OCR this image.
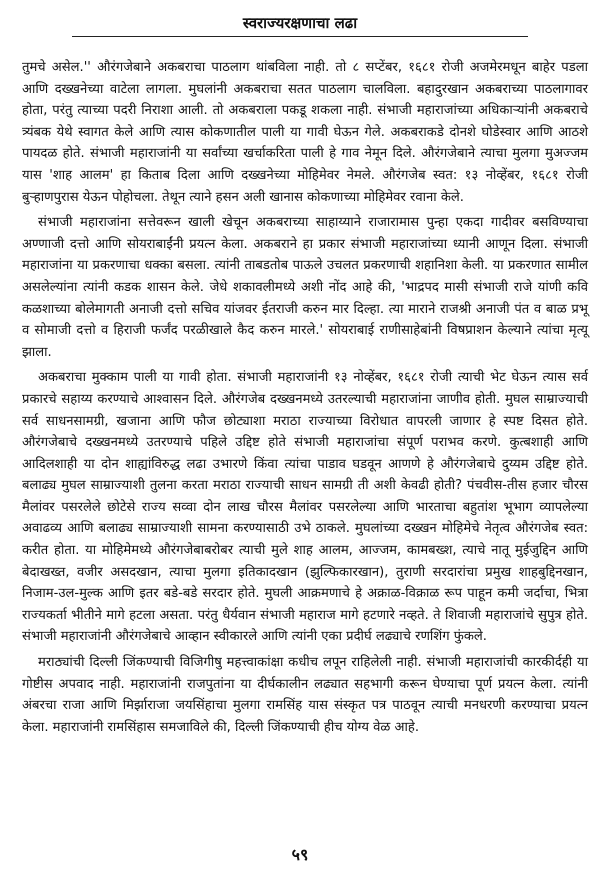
स्वराज्यरक्षणाचा लढा

तुमचे असेल.'' औरंगजेबाने अकबराचा पाठलाग थांबविला नाही. तो ८ सप्टेंबर, १६८१ रोजी अजमेरमधून बाहेर पडला आणि दख्खनेच्या वाटेला लागला. मुघलांनी अकबराचा सतत पाठलाग चालविला. बहादुरखान अकबराच्या पाठलागावर होता, परंतु त्याच्या पदरी निराशा आली. तो अकबराला पकडू शकला नाही. संभाजी महाराजांच्या अधिकाऱ्यांनी अकबराचे त्र्यंबक येथे स्वागत केले आणि त्यास कोकणातील पाली या गावी घेऊन गेले. अकबराकडे दोनशे घोडेस्वार आणि आठशे पायदळ होते. संभाजी महाराजांनी या सर्वांच्या खर्चाकरिता पाली हे गाव नेमून दिले. औरंगजेबाने त्याचा मुलगा मुअज्जम यास 'शाह आलम' हा किताब दिला आणि दख्खनेच्या मोहिमेवर नेमले. औरंगजेब स्वत: १३ नोव्हेंबर, १६८१ रोजी बुऱ्हाणपुरास येऊन पोहोचला. तेथून त्याने हसन अली खानास कोकणाच्या मोहिमेवर रवाना केले.

संभाजी महाराजांना सत्तेवरून खाली खेचून अकबराच्या साहाय्याने राजारामास पुन्हा एकदा गादीवर बसविण्याचा अण्णाजी दत्तो आणि सोयराबाईंनी प्रयत्न केला. अकबराने हा प्रकार संभाजी महाराजांच्या ध्यानी आणून दिला. संभाजी महाराजांना या प्रकरणाचा धक्का बसला. त्यांनी ताबडतोब पाऊले उचलत प्रकरणाची शहानिशा केली. या प्रकरणात सामील असलेल्यांना त्यांनी कडक शासन केले. जेधे शकावलीमध्ये अशी नोंद आहे की, 'भाद्रपद मासी संभाजी राजे यांणी कवि कळशाच्या बोलेमागती अनाजी दत्तो सचिव यांजवर ईतराजी करुन मार दिल्हा. त्या माराने राजश्री अनाजी पंत व बाळ प्रभू व सोमाजी दत्तो व हिराजी फर्जंद परळीखाले कैद करुन मारले.' सोयराबाई राणीसाहेबांनी विषप्राशन केल्याने त्यांचा मृत्यू झाला.

अकबराचा मुक्काम पाली या गावी होता. संभाजी महाराजांनी १३ नोव्हेंबर, १६८१ रोजी त्याची भेट घेऊन त्यास सर्व प्रकारचे सहाय्य करण्याचे आश्वासन दिले. औरंगजेब दख्खनमध्ये उतरल्याची महाराजांना जाणीव होती. मुघल साम्राज्याची सर्व साधनसामग्री, खजाना आणि फौज छोट्याशा मराठा राज्याच्या विरोधात वापरली जाणार हे स्पष्ट दिसत होते. औरंगजेबाचे दख्खनमध्ये उतरण्याचे पहिले उद्दिष्ट होते संभाजी महाराजांचा संपूर्ण पराभव करणे. कुत्बशाही आणि आदिलशाही या दोन शाह्यांविरुद्ध लढा उभारणे किंवा त्यांचा पाडाव घडवून आणणे हे औरंगजेबाचे दुय्यम उद्दिष्ट होते. बलाढ्य मुघल साम्राज्याशी तुलना करता मराठा राज्याची साधन सामग्री ती अशी केवढी होती? पंचवीस-तीस हजार चौरस मैलांवर पसरलेले छोटेसे राज्य सव्वा दोन लाख चौरस मैलांवर पसरलेल्या आणि भारताचा बहुतांश भूभाग व्यापलेल्या अवाढव्य आणि बलाढ्य साम्राज्याशी सामना करण्यासाठी उभे ठाकले. मुघलांच्या दख्खन मोहिमेचे नेतृत्व औरंगजेब स्वत: करीत होता. या मोहिमेमध्ये औरंगजेबाबरोबर त्याची मुले शाह आलम, आज्जम, कामबख्श, त्याचे नातू मुईजुद्दिन आणि बेदाखख्त, वजीर असदखान, त्याचा मुलगा इतिकादखान (झुल्फिकारखान), तुराणी सरदारांचा प्रमुख शाहबुद्दिनखान, निजाम-उल-मुल्क आणि इतर बडे-बडे सरदार होते. मुघली आक्रमणाचे हे अक्राळ-विक्राळ रूप पाहून कमी जर्दाचा, भित्रा राज्यकर्ता भीतीने मागे हटला असता. परंतु धैर्यवान संभाजी महाराज मागे हटणारे नव्हते. ते शिवाजी महाराजांचे सुपुत्र होते. संभाजी महाराजांनी औरंगजेबाचे आव्हान स्वीकारले आणि त्यांनी एका प्रदीर्घ लढ्याचे रणशिंग फुंकले.

मराठ्यांची दिल्ली जिंकण्याची विजिगीषु महत्त्वाकांक्षा कधीच लपून राहिलेली नाही. संभाजी महाराजांची कारकीर्दही या गोष्टीस अपवाद नाही. महाराजांनी राजपुतांना या दीर्घकालीन लढ्यात सहभागी करून घेण्याचा पूर्ण प्रयत्न केला. त्यांनी अंबरचा राजा आणि मिर्झाराजा जयसिंहाचा मुलगा रामसिंह यास संस्कृत पत्र पाठवून त्याची मनधरणी करण्याचा प्रयत्न केला. महाराजांनी रामसिंहास समजाविले की, दिल्ली जिंकण्याची हीच योग्य वेळ आहे.

५९
